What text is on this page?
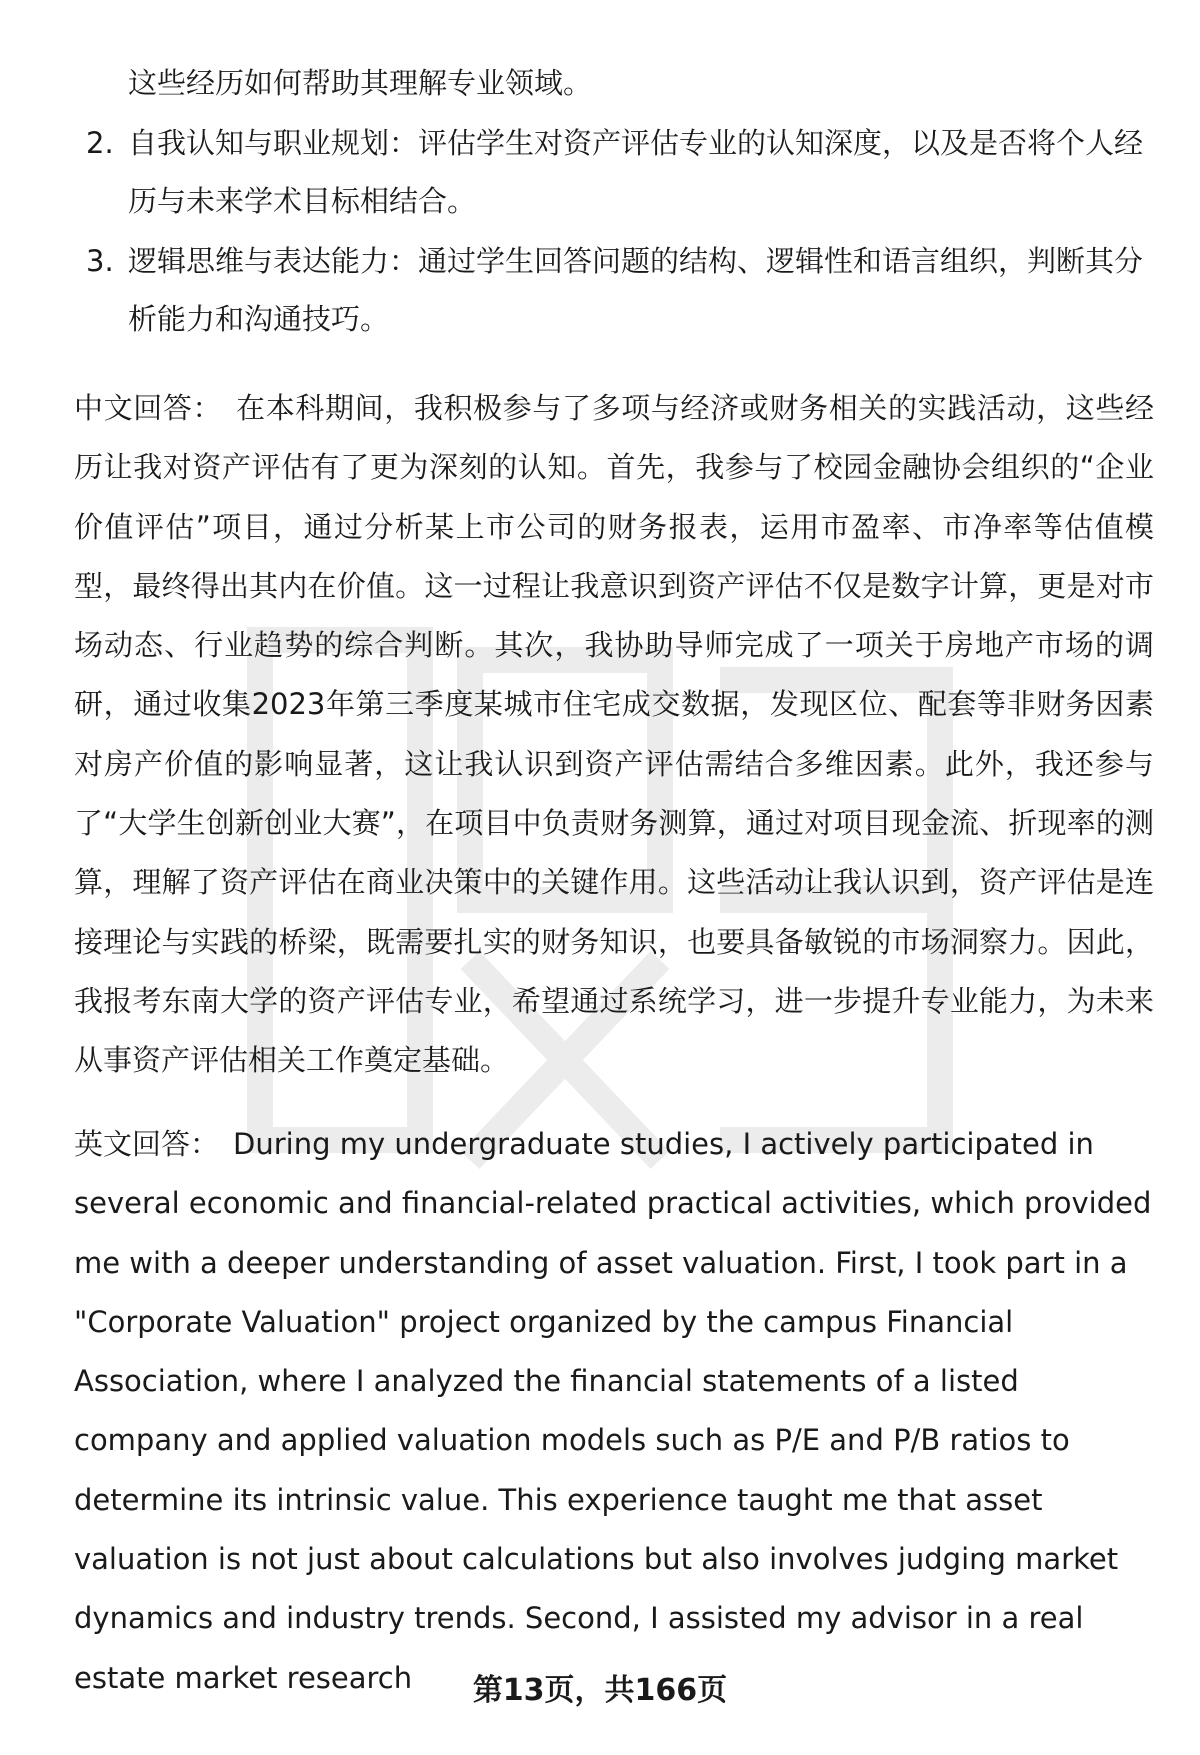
这些经历如何帮助其理解专业领域。

2. 自我认知与职业规划：评估学生对资产评估专业的认知深度，以及是否将个人经历与未来学术目标相结合。
3. 逻辑思维与表达能力：通过学生回答问题的结构、逻辑性和语言组织，判断其分析能力和沟通技巧。

中文回答： 在本科期间，我积极参与了多项与经济或财务相关的实践活动，这些经历让我对资产评估有了更为深刻的认知。首先，我参与了校园金融协会组织的“企业价值评估”项目，通过分析某上市公司的财务报表，运用市盈率、市净率等估值模型，最终得出其内在价值。这一过程让我意识到资产评估不仅是数字计算，更是对市场动态、行业趋势的综合判断。其次，我协助导师完成了一项关于房地产市场的调研，通过收集2023年第三季度某城市住宅成交数据，发现区位、配套等非财务因素对房产价值的影响显著，这让我认识到资产评估需结合多维因素。此外，我还参与了“大学生创新创业大赛”，在项目中负责财务测算，通过对项目现金流、折现率的测算，理解了资产评估在商业决策中的关键作用。这些活动让我认识到，资产评估是连接理论与实践的桥梁，既需要扎实的财务知识，也要具备敏锐的市场洞察力。因此，我报考东南大学的资产评估专业，希望通过系统学习，进一步提升专业能力，为未来从事资产评估相关工作奠定基础。

英文回答： During my undergraduate studies, I actively participated in several economic and financial-related practical activities, which provided me with a deeper understanding of asset valuation. First, I took part in a "Corporate Valuation" project organized by the campus Financial Association, where I analyzed the financial statements of a listed company and applied valuation models such as P/E and P/B ratios to determine its intrinsic value. This experience taught me that asset valuation is not just about calculations but also involves judging market dynamics and industry trends. Second, I assisted my advisor in a real estate market research	第13页，共166页
